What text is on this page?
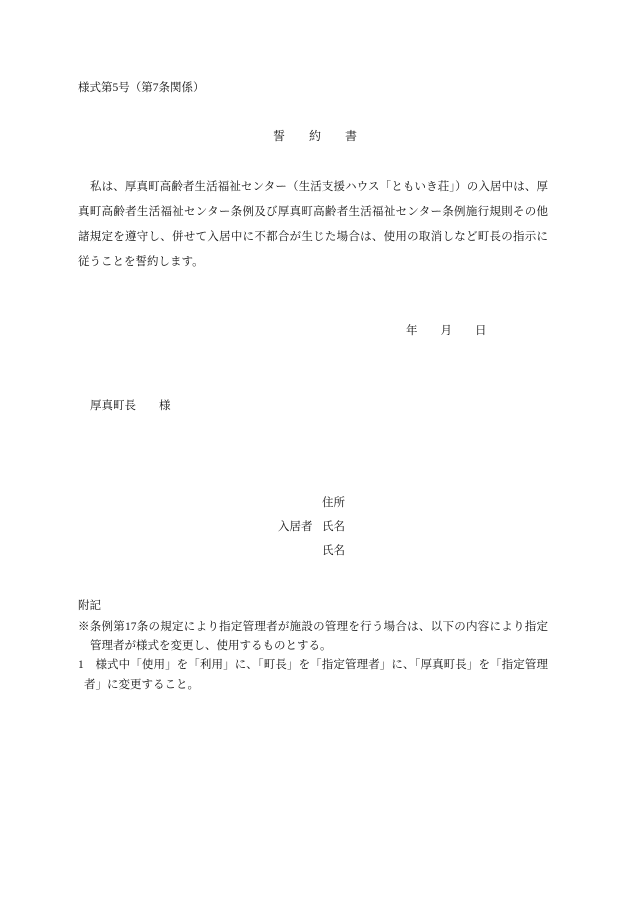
様式第5号（第7条関係）
誓　　約　　書
私は、厚真町高齢者生活福祉センター（生活支援ハウス「ともいき荘」）の入居中は、厚
真町高齢者生活福祉センター条例及び厚真町高齢者生活福祉センター条例施行規則その他
諸規定を遵守し、併せて入居中に不都合が生じた場合は、使用の取消しなど町長の指示に
従うことを誓約します。
年　　月　　日
厚真町長　　様
住所
入居者 氏名
氏名
附記
※条例第17条の規定により指定管理者が施設の管理を行う場合は、以下の内容により指定
管理者が様式を変更し、使用するものとする。
1　様式中「使用」を「利用」に、「町長」を「指定管理者」に、「厚真町長」を「指定管理
者」に変更すること。
